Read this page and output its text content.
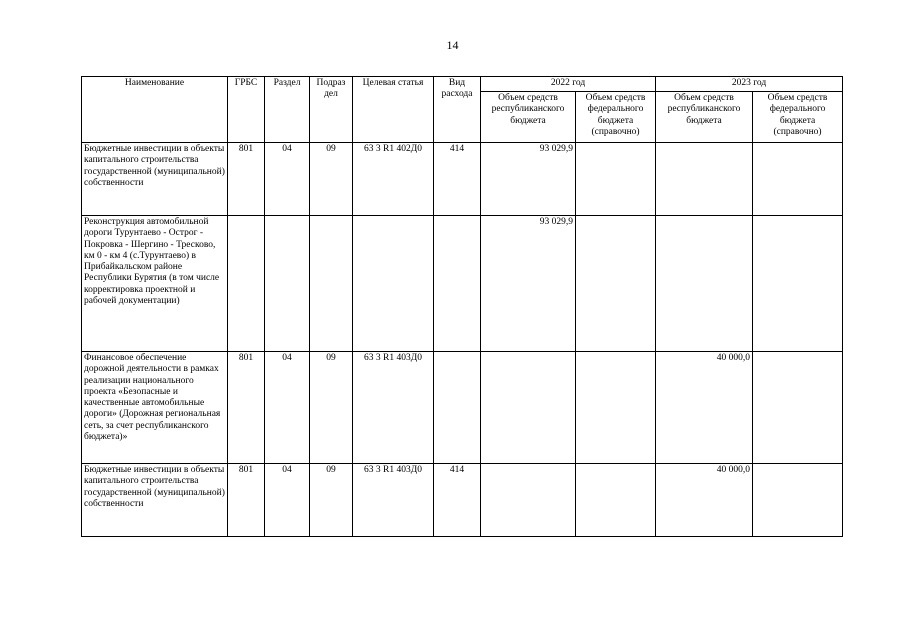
14
Наименование	ГРБС	Раздел	Подраз дел	Целевая статья	Вид расхода	2022 год		2023 год	
						Объем средств республиканского бюджета	Объем средств федерального бюджета (справочно)	Объем средств республиканского бюджета	Объем средств федерального бюджета (справочно)
Бюджетные инвестиции в объекты капитального строительства государственной (муниципальной) собственности	801	04	09	63 3 R1 402Д0	414	93 029,9			
Реконструкция автомобильной дороги Турунтаево - Острог - Покровка - Шергино - Тресково, км 0 - км 4 (с.Турунтаево) в Прибайкальском районе Республики Бурятия (в том числе корректировка проектной и рабочей документации)						93 029,9			
Финансовое обеспечение дорожной деятельности в рамках реализации национального проекта «Безопасные и качественные автомобильные дороги» (Дорожная региональная сеть, за счет республиканского бюджета)»	801	04	09	63 3 R1 403Д0				40 000,0	
Бюджетные инвестиции в объекты капитального строительства государственной (муниципальной) собственности	801	04	09	63 3 R1 403Д0	414			40 000,0	
